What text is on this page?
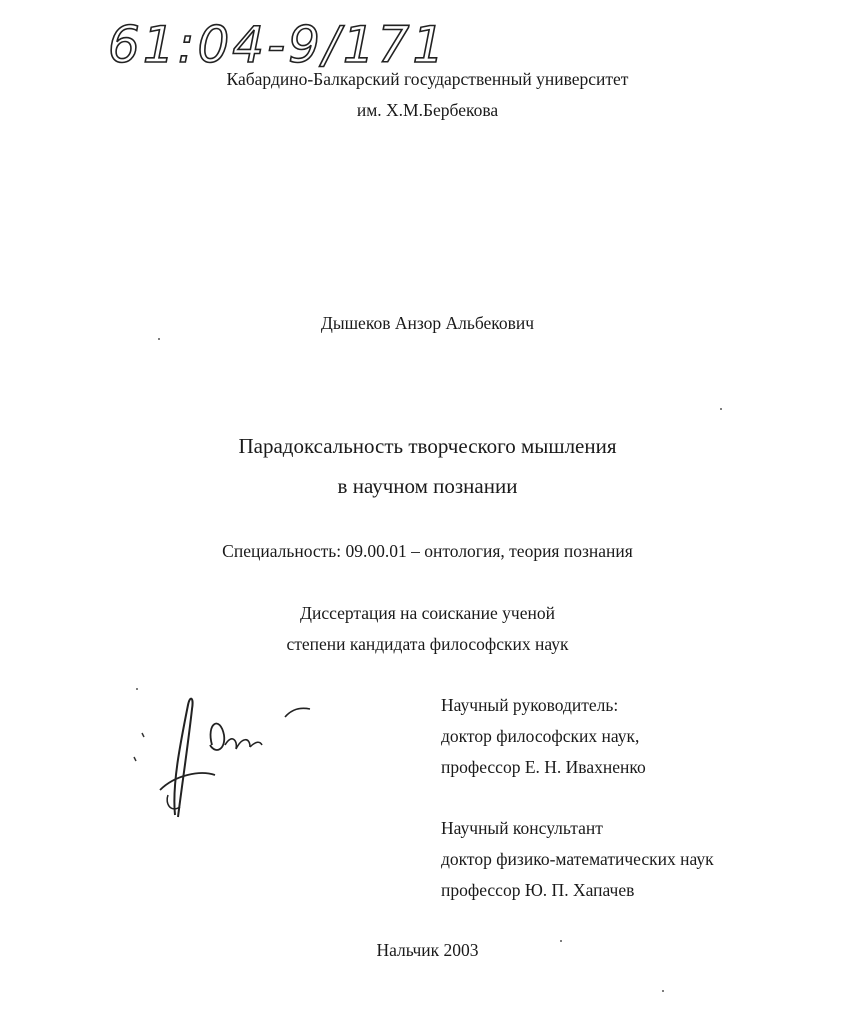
61:04-9/171
Кабардино-Балкарский государственный университет
им. Х.М.Бербекова
Дышеков Анзор Альбекович
Парадоксальность творческого мышления
в научном познании
Специальность: 09.00.01 – онтология, теория познания
Диссертация на соискание ученой
степени кандидата философских наук
Научный руководитель:
доктор философских наук,
профессор Е. Н. Ивахненко
Научный консультант
доктор физико-математических наук
профессор Ю. П. Хапачев
Нальчик 2003
